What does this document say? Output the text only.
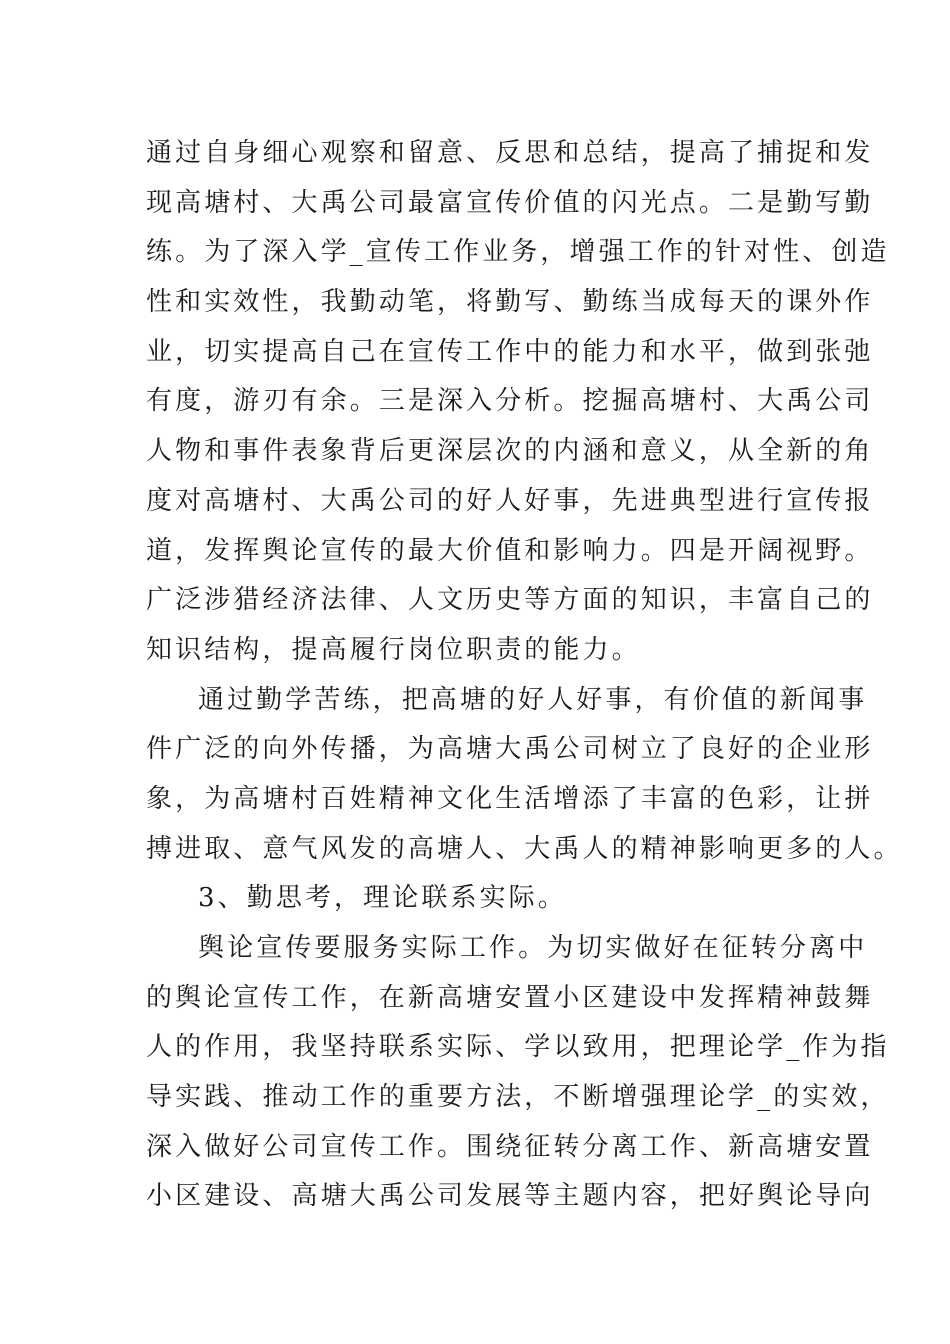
通过自身细心观察和留意、反思和总结，提高了捕捉和发
现高塘村、大禹公司最富宣传价值的闪光点。二是勤写勤
练。为了深入学_宣传工作业务，增强工作的针对性、创造
性和实效性，我勤动笔，将勤写、勤练当成每天的课外作
业，切实提高自己在宣传工作中的能力和水平，做到张弛
有度，游刃有余。三是深入分析。挖掘高塘村、大禹公司
人物和事件表象背后更深层次的内涵和意义，从全新的角
度对高塘村、大禹公司的好人好事，先进典型进行宣传报
道，发挥舆论宣传的最大价值和影响力。四是开阔视野。
广泛涉猎经济法律、人文历史等方面的知识，丰富自己的
知识结构，提高履行岗位职责的能力。
通过勤学苦练，把高塘的好人好事，有价值的新闻事
件广泛的向外传播，为高塘大禹公司树立了良好的企业形
象，为高塘村百姓精神文化生活增添了丰富的色彩，让拼
搏进取、意气风发的高塘人、大禹人的精神影响更多的人。
3、勤思考，理论联系实际。
舆论宣传要服务实际工作。为切实做好在征转分离中
的舆论宣传工作，在新高塘安置小区建设中发挥精神鼓舞
人的作用，我坚持联系实际、学以致用，把理论学_作为指
导实践、推动工作的重要方法，不断增强理论学_的实效，
深入做好公司宣传工作。围绕征转分离工作、新高塘安置
小区建设、高塘大禹公司发展等主题内容，把好舆论导向
